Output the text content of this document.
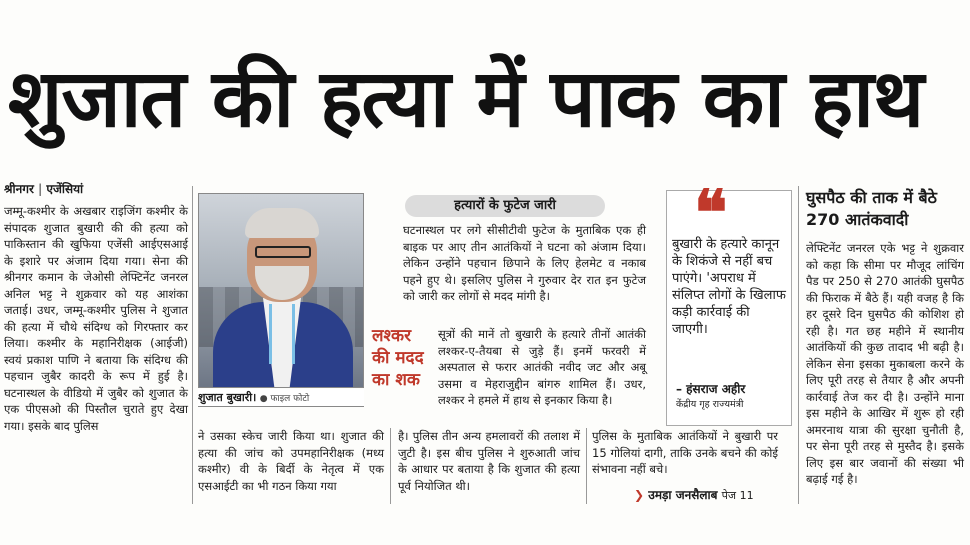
शुजात की हत्या में पाक का हाथ
श्रीनगर | एजेंसियां
जम्मू-कश्मीर के अखबार राइजिंग कश्मीर के संपादक शुजात बुखारी की की हत्या को पाकिस्तान की खुफिया एजेंसी आईएसआई के इशारे पर अंजाम दिया गया। सेना की श्रीनगर कमान के जेओसी लेफ्टिनेंट जनरल अनिल भट्ट ने शुक्रवार को यह आशंका जताई। उधर, जम्मू-कश्मीर पुलिस ने शुजात की हत्या में चौथे संदिग्ध को गिरफ्तार कर लिया। कश्मीर के महानिरीक्षक (आईजी) स्वयं प्रकाश पाणि ने बताया कि संदिग्ध की पहचान जुबैर कादरी के रूप में हुई है। घटनास्थल के वीडियो में जुबैर को शुजात के एक पीएसओ की पिस्तौल चुराते हुए देखा गया। इसके बाद पुलिस
शुजात बुखारी। ● फाइल फोटो
हत्यारों के फुटेज जारी
घटनास्थल पर लगे सीसीटीवी फुटेज के मुताबिक एक ही बाइक पर आए तीन आतंकियों ने घटना को अंजाम दिया। लेकिन उन्होंने पहचान छिपाने के लिए हेलमेट व नकाब पहने हुए थे। इसलिए पुलिस ने गुरुवार देर रात इन फुटेज को जारी कर लोगों से मदद मांगी है।
लश्कर की मदद का शक
सूत्रों की मानें तो बुखारी के हत्यारे तीनों आतंकी लश्कर-ए-तैयबा से जुड़े हैं। इनमें फरवरी में अस्पताल से फरार आतंकी नवीद जट और अबू उसमा व मेहराजुद्दीन बांगरु शामिल हैं। उधर, लश्कर ने हमले में हाथ से इनकार किया है।
❝
बुखारी के हत्यारे कानून के शिकंजे से नहीं बच पाएंगे। 'अपराध में संलिप्त लोगों के खिलाफ कड़ी कार्रवाई की जाएगी।
– हंसराज अहीर
केंद्रीय गृह राज्यमंत्री
घुसपैठ की ताक में बैठे 270 आतंकवादी
लेफ्टिनेंट जनरल एके भट्ट ने शुक्रवार को कहा कि सीमा पर मौजूद लांचिंग पैड पर 250 से 270 आतंकी घुसपैठ की फिराक में बैठे हैं। यही वजह है कि हर दूसरे दिन घुसपैठ की कोशिश हो रही है। गत छह महीने में स्थानीय आतंकियों की कुछ तादाद भी बढ़ी है। लेकिन सेना इसका मुकाबला करने के लिए पूरी तरह से तैयार है और अपनी कार्रवाई तेज कर दी है। उन्होंने माना इस महीने के आखिर में शुरू हो रही अमरनाथ यात्रा की सुरक्षा चुनौती है, पर सेना पूरी तरह से मुस्तैद है। इसके लिए इस बार जवानों की संख्या भी बढ़ाई गई है।
ने उसका स्केच जारी किया था। शुजात की हत्या की जांच को उपमहानिरीक्षक (मध्य कश्मीर) वी के बिर्दी के नेतृत्व में एक एसआईटी का भी गठन किया गया
है। पुलिस तीन अन्य हमलावरों की तलाश में जुटी है। इस बीच पुलिस ने शुरुआती जांच के आधार पर बताया है कि शुजात की हत्या पूर्व नियोजित थी।
पुलिस के मुताबिक आतंकियों ने बुखारी पर 15 गोलियां दागी, ताकि उनके बचने की कोई संभावना नहीं बचे।
❯ उमड़ा जनसैलाब पेज 11
